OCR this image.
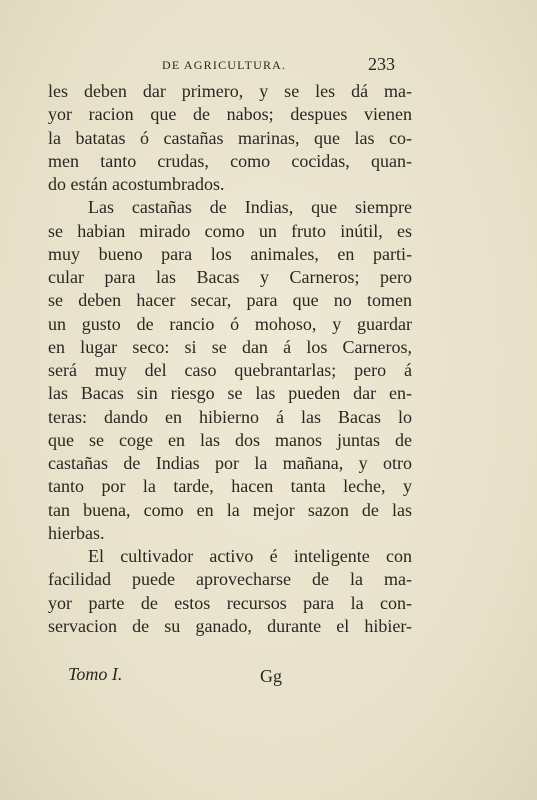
DE AGRICULTURA.	233
les deben dar primero, y se les dá ma-
yor racion que de nabos; despues vienen
la batatas ó castañas marinas, que las co-
men tanto crudas, como cocidas, quan-
do están acostumbrados.
Las castañas de Indias, que siempre
se habian mirado como un fruto inútil, es
muy bueno para los animales, en parti-
cular para las Bacas y Carneros; pero
se deben hacer secar, para que no tomen
un gusto de rancio ó mohoso, y guardar
en lugar seco: si se dan á los Carneros,
será muy del caso quebrantarlas; pero á
las Bacas sin riesgo se las pueden dar en-
teras: dando en hibierno á las Bacas lo
que se coge en las dos manos juntas de
castañas de Indias por la mañana, y otro
tanto por la tarde, hacen tanta leche, y
tan buena, como en la mejor sazon de las
hierbas.
El cultivador activo é inteligente con
facilidad puede aprovecharse de la ma-
yor parte de estos recursos para la con-
servacion de su ganado, durante el hibier-
Tomo I.	Gg
